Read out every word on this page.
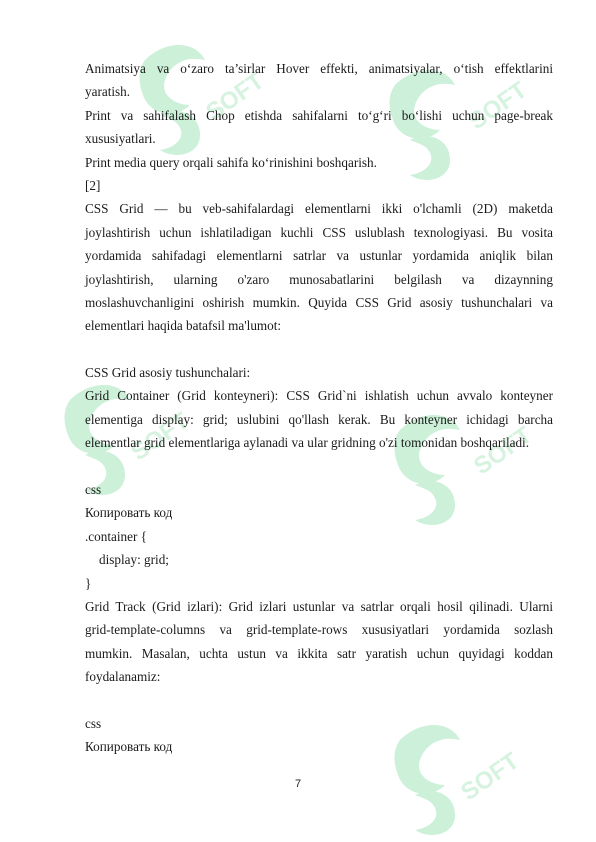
SOFT	SOFT
SOFT	SOFT
SOFT
Animatsiya va o‘zaro ta’sirlar Hover effekti, animatsiyalar, o‘tish effektlarini
yaratish.
Print va sahifalash Chop etishda sahifalarni to‘g‘ri bo‘lishi uchun page-break
xususiyatlari.
Print media query orqali sahifa ko‘rinishini boshqarish.
[2]
CSS Grid — bu veb-sahifalardagi elementlarni ikki o'lchamli (2D) maketda
joylashtirish uchun ishlatiladigan kuchli CSS uslublash texnologiyasi. Bu vosita
yordamida sahifadagi elementlarni satrlar va ustunlar yordamida aniqlik bilan
joylashtirish, ularning o'zaro munosabatlarini belgilash va dizaynning
moslashuvchanligini oshirish mumkin. Quyida CSS Grid asosiy tushunchalari va
elementlari haqida batafsil ma'lumot:
CSS Grid asosiy tushunchalari:
Grid Container (Grid konteyneri): CSS Grid`ni ishlatish uchun avvalo konteyner
elementiga display: grid; uslubini qo'llash kerak. Bu konteyner ichidagi barcha
elementlar grid elementlariga aylanadi va ular gridning o'zi tomonidan boshqariladi.
css
Копировать код
.container {
display: grid;
}
Grid Track (Grid izlari): Grid izlari ustunlar va satrlar orqali hosil qilinadi. Ularni
grid-template-columns va grid-template-rows xususiyatlari yordamida sozlash
mumkin. Masalan, uchta ustun va ikkita satr yaratish uchun quyidagi koddan
foydalanamiz:
css
Копировать код
7
